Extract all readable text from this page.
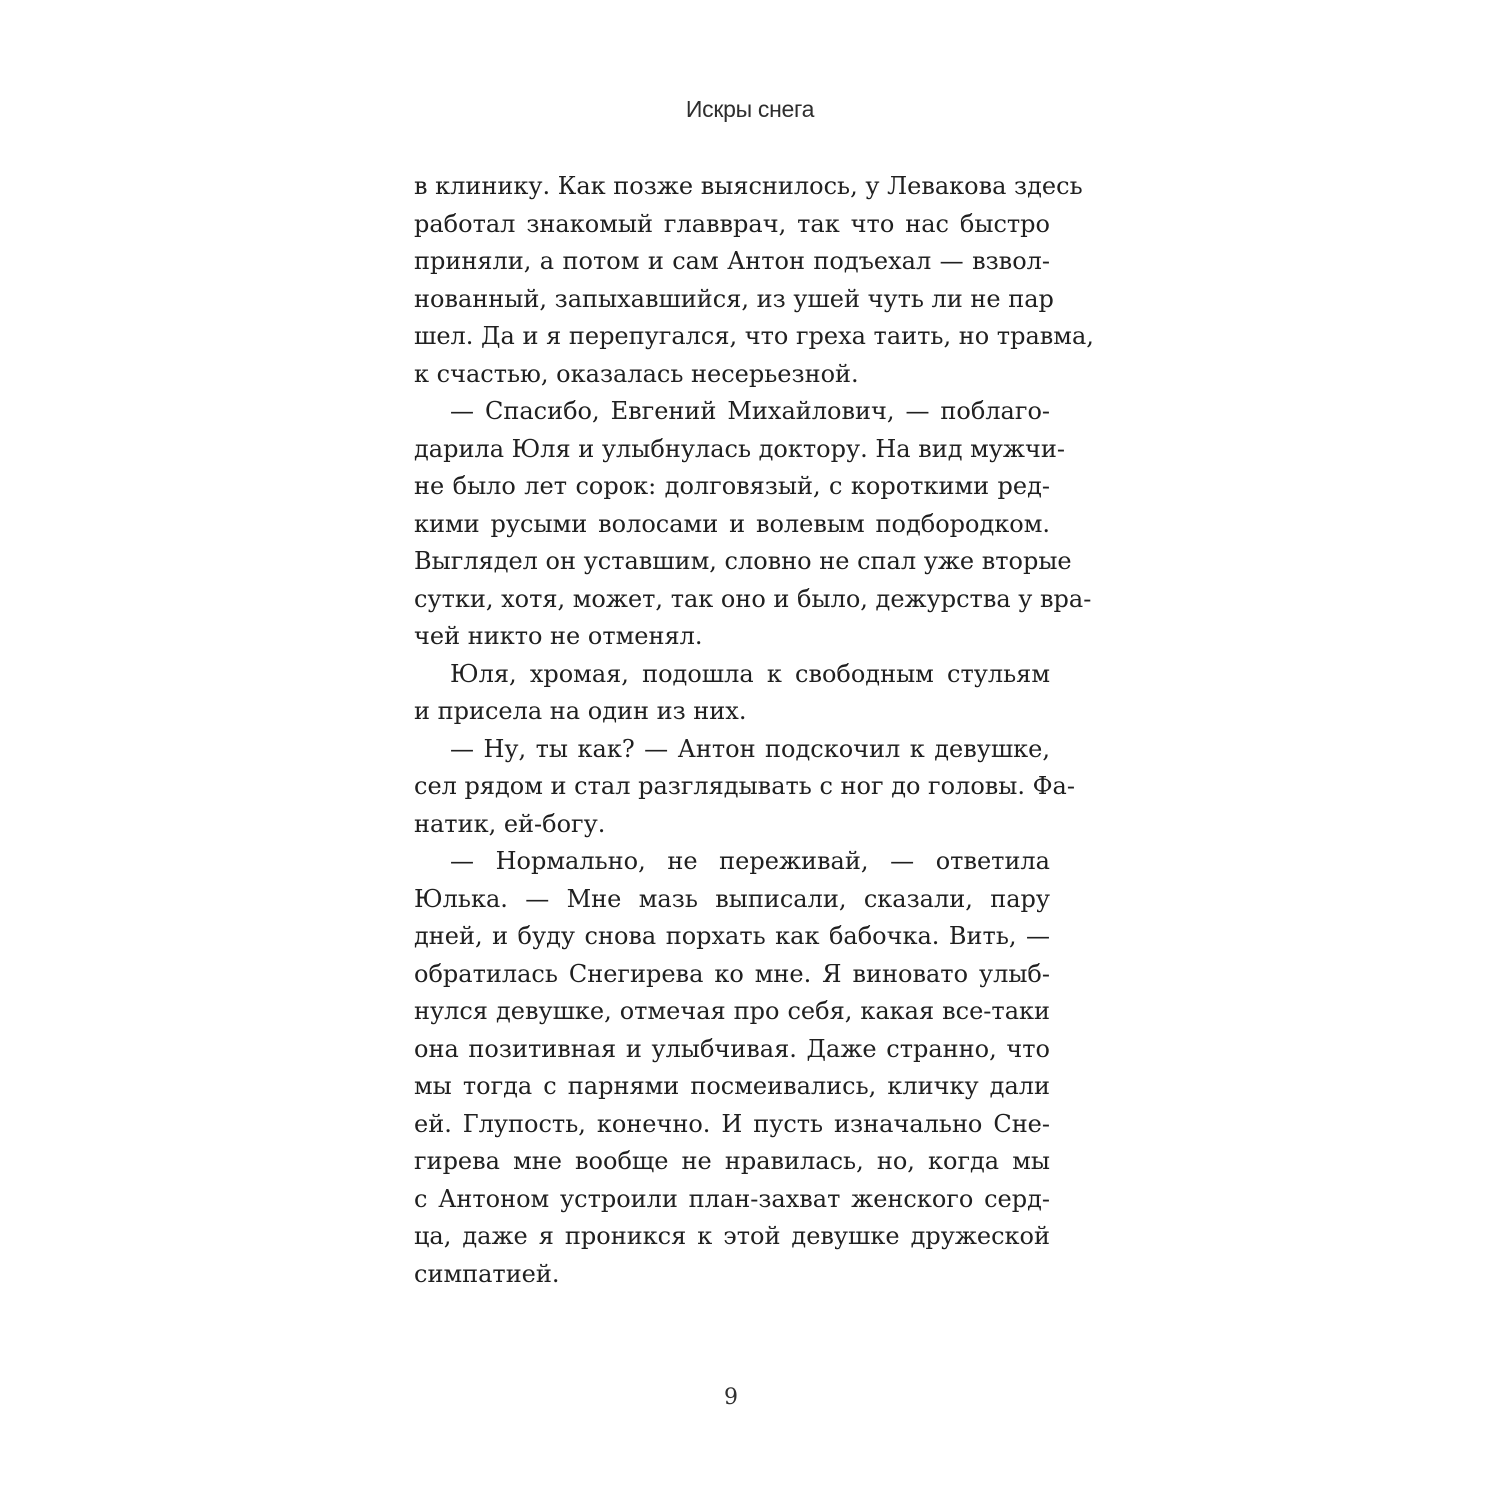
Искры снега
в клинику. Как позже выяснилось, у Левакова здесь
работал знакомый главврач, так что нас быстро
приняли, а потом и сам Антон подъехал — взвол-
нованный, запыхавшийся, из ушей чуть ли не пар
шел. Да и я перепугался, что греха таить, но травма,
к счастью, оказалась несерьезной.
— Спасибо, Евгений Михайлович, — поблаго-
дарила Юля и улыбнулась доктору. На вид мужчи-
не было лет сорок: долговязый, с короткими ред-
кими русыми волосами и волевым подбородком.
Выглядел он уставшим, словно не спал уже вторые
сутки, хотя, может, так оно и было, дежурства у вра-
чей никто не отменял.
Юля, хромая, подошла к свободным стульям
и присела на один из них.
— Ну, ты как? — Антон подскочил к девушке,
сел рядом и стал разглядывать с ног до головы. Фа-
натик, ей-богу.
— Нормально, не переживай, — ответила
Юлька. — Мне мазь выписали, сказали, пару
дней, и буду снова порхать как бабочка. Вить, —
обратилась Снегирева ко мне. Я виновато улыб-
нулся девушке, отмечая про себя, какая все-таки
она позитивная и улыбчивая. Даже странно, что
мы тогда с парнями посмеивались, кличку дали
ей. Глупость, конечно. И пусть изначально Сне-
гирева мне вообще не нравилась, но, когда мы
с Антоном устроили план-захват женского серд-
ца, даже я проникся к этой девушке дружеской
симпатией.
9
